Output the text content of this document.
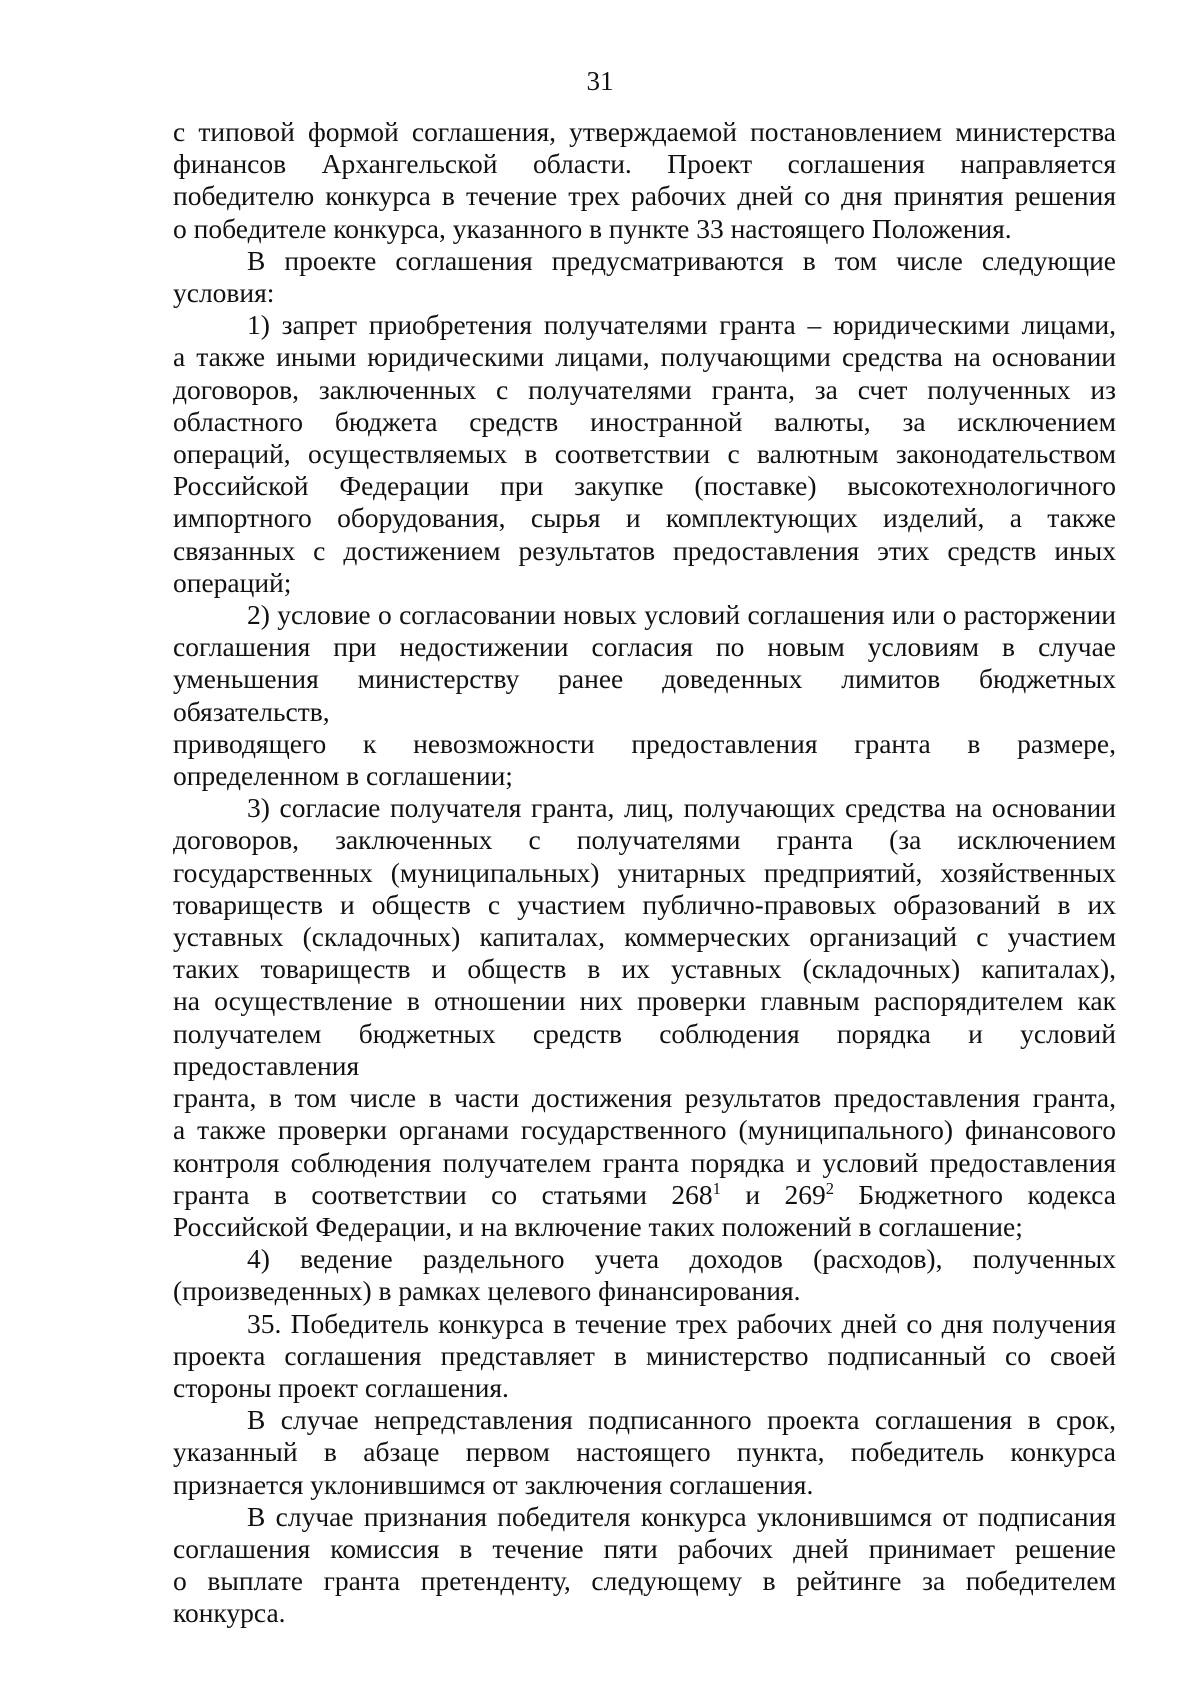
31

с типовой формой соглашения, утверждаемой постановлением министерства
финансов Архангельской области. Проект соглашения направляется
победителю конкурса в течение трех рабочих дней со дня принятия решения
о победителе конкурса, указанного в пункте 33 настоящего Положения.

В проекте соглашения предусматриваются в том числе следующие
условия:

1) запрет приобретения получателями гранта – юридическими лицами,
а также иными юридическими лицами, получающими средства на основании
договоров, заключенных с получателями гранта, за счет полученных из
областного бюджета средств иностранной валюты, за исключением
операций, осуществляемых в соответствии с валютным законодательством
Российской Федерации при закупке (поставке) высокотехнологичного
импортного оборудования, сырья и комплектующих изделий, а также
связанных с достижением результатов предоставления этих средств иных
операций;

2) условие о согласовании новых условий соглашения или о расторжении
соглашения при недостижении согласия по новым условиям в случае
уменьшения министерству ранее доведенных лимитов бюджетных обязательств,
приводящего к невозможности предоставления гранта в размере,
определенном в соглашении;

3) согласие получателя гранта, лиц, получающих средства на основании
договоров, заключенных с получателями гранта (за исключением
государственных (муниципальных) унитарных предприятий, хозяйственных
товариществ и обществ с участием публично-правовых образований в их
уставных (складочных) капиталах, коммерческих организаций с участием
таких товариществ и обществ в их уставных (складочных) капиталах),
на осуществление в отношении них проверки главным распорядителем как
получателем бюджетных средств соблюдения порядка и условий предоставления
гранта, в том числе в части достижения результатов предоставления гранта,
а также проверки органами государственного (муниципального) финансового
контроля соблюдения получателем гранта порядка и условий предоставления
гранта в соответствии со статьями $268^1$ и $269^2$ Бюджетного кодекса
Российской Федерации, и на включение таких положений в соглашение;

4) ведение раздельного учета доходов (расходов), полученных
(произведенных) в рамках целевого финансирования.

35. Победитель конкурса в течение трех рабочих дней со дня получения
проекта соглашения представляет в министерство подписанный со своей
стороны проект соглашения.

В случае непредставления подписанного проекта соглашения в срок,
указанный в абзаце первом настоящего пункта, победитель конкурса
признается уклонившимся от заключения соглашения.

В случае признания победителя конкурса уклонившимся от подписания
соглашения комиссия в течение пяти рабочих дней принимает решение
о выплате гранта претенденту, следующему в рейтинге за победителем
конкурса.
